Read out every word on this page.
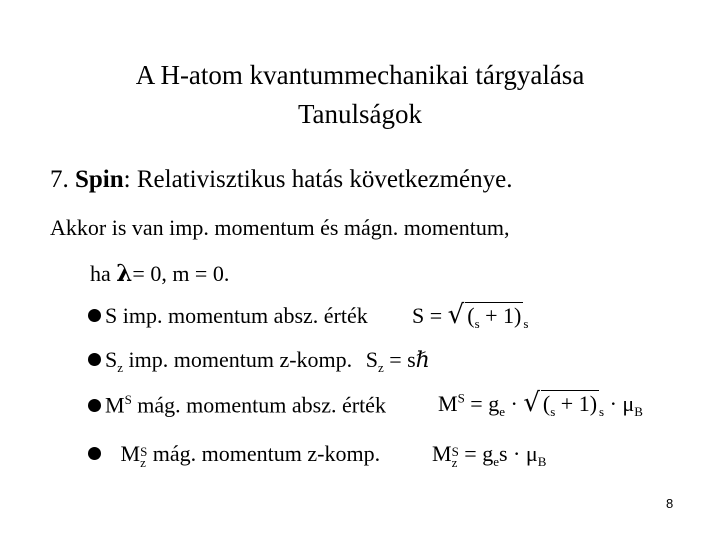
A H-atom kvantummechanikai tárgyalása
Tanulságok
7. Spin: Relativisztikus hatás következménye.
Akkor is van imp. momentum és mágn. momentum,
ha λ= 0, m = 0.
S imp. momentum absz. érték S = √ $(_s + 1)$ $_s$
$S_z$ imp. momentum z-komp. $S_z$ = sℏ
$M^S$ mág. momentum absz. érték $M^S = g_e$ · √ $(_s + 1) _s \cdot \mu_B$
MS
z mág. momentum z-komp. MS
$z = g_es \cdot \mu_B$
8
